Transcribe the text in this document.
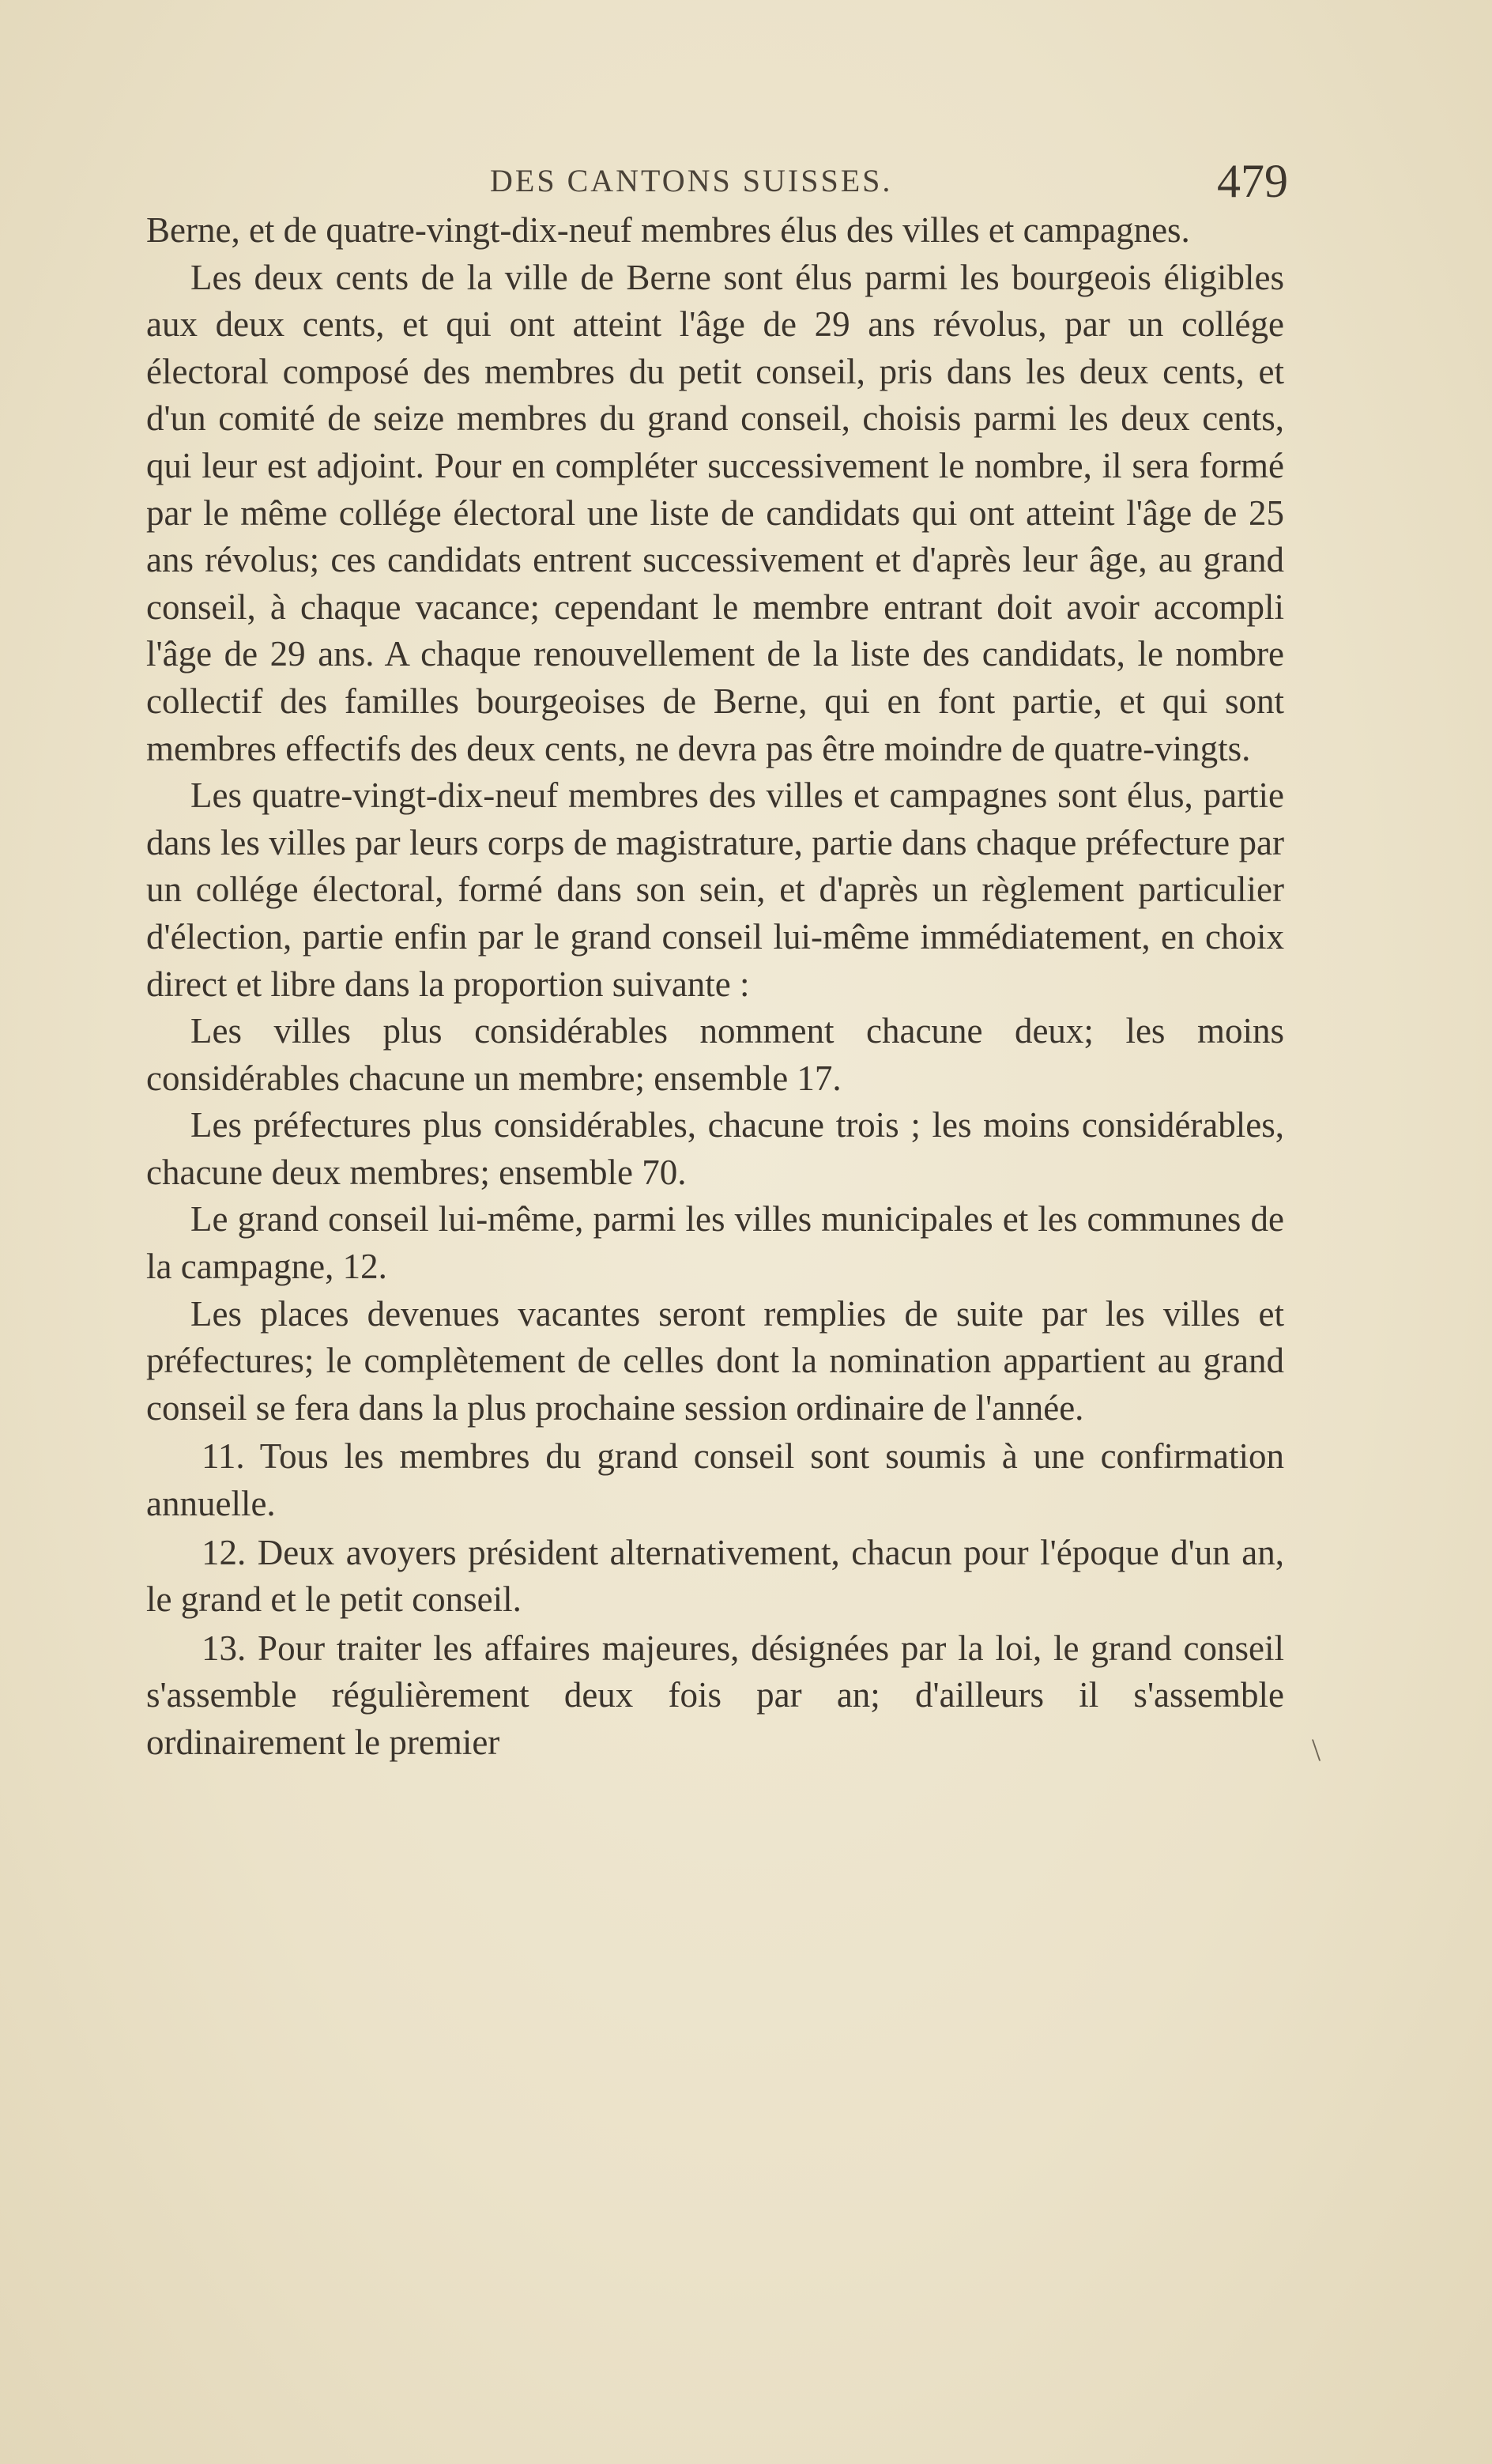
DES CANTONS SUISSES.	479

Berne, et de quatre-vingt-dix-neuf membres élus des villes et campagnes.

Les deux cents de la ville de Berne sont élus parmi les bourgeois éligibles aux deux cents, et qui ont atteint l'âge de 29 ans révolus, par un collége électoral composé des membres du petit conseil, pris dans les deux cents, et d'un comité de seize membres du grand conseil, choisis parmi les deux cents, qui leur est adjoint. Pour en compléter successivement le nombre, il sera formé par le même collége électoral une liste de candidats qui ont atteint l'âge de 25 ans révolus; ces candidats entrent successivement et d'après leur âge, au grand conseil, à chaque vacance; cependant le membre entrant doit avoir accompli l'âge de 29 ans. A chaque renouvellement de la liste des candidats, le nombre collectif des familles bourgeoises de Berne, qui en font partie, et qui sont membres effectifs des deux cents, ne devra pas être moindre de quatre-vingts.

Les quatre-vingt-dix-neuf membres des villes et campagnes sont élus, partie dans les villes par leurs corps de magistrature, partie dans chaque préfecture par un collége électoral, formé dans son sein, et d'après un règlement particulier d'élection, partie enfin par le grand conseil lui-même immédiatement, en choix direct et libre dans la proportion suivante :

Les villes plus considérables nomment chacune deux; les moins considérables chacune un membre; ensemble 17.

Les préfectures plus considérables, chacune trois ; les moins considérables, chacune deux membres; ensemble 70.

Le grand conseil lui-même, parmi les villes municipales et les communes de la campagne, 12.

Les places devenues vacantes seront remplies de suite par les villes et préfectures; le complètement de celles dont la nomination appartient au grand conseil se fera dans la plus prochaine session ordinaire de l'année.

11. Tous les membres du grand conseil sont soumis à une confirmation annuelle.

12. Deux avoyers président alternativement, chacun pour l'époque d'un an, le grand et le petit conseil.

13. Pour traiter les affaires majeures, désignées par la loi, le grand conseil s'assemble régulièrement deux fois par an; d'ailleurs il s'assemble ordinairement le premier	\
